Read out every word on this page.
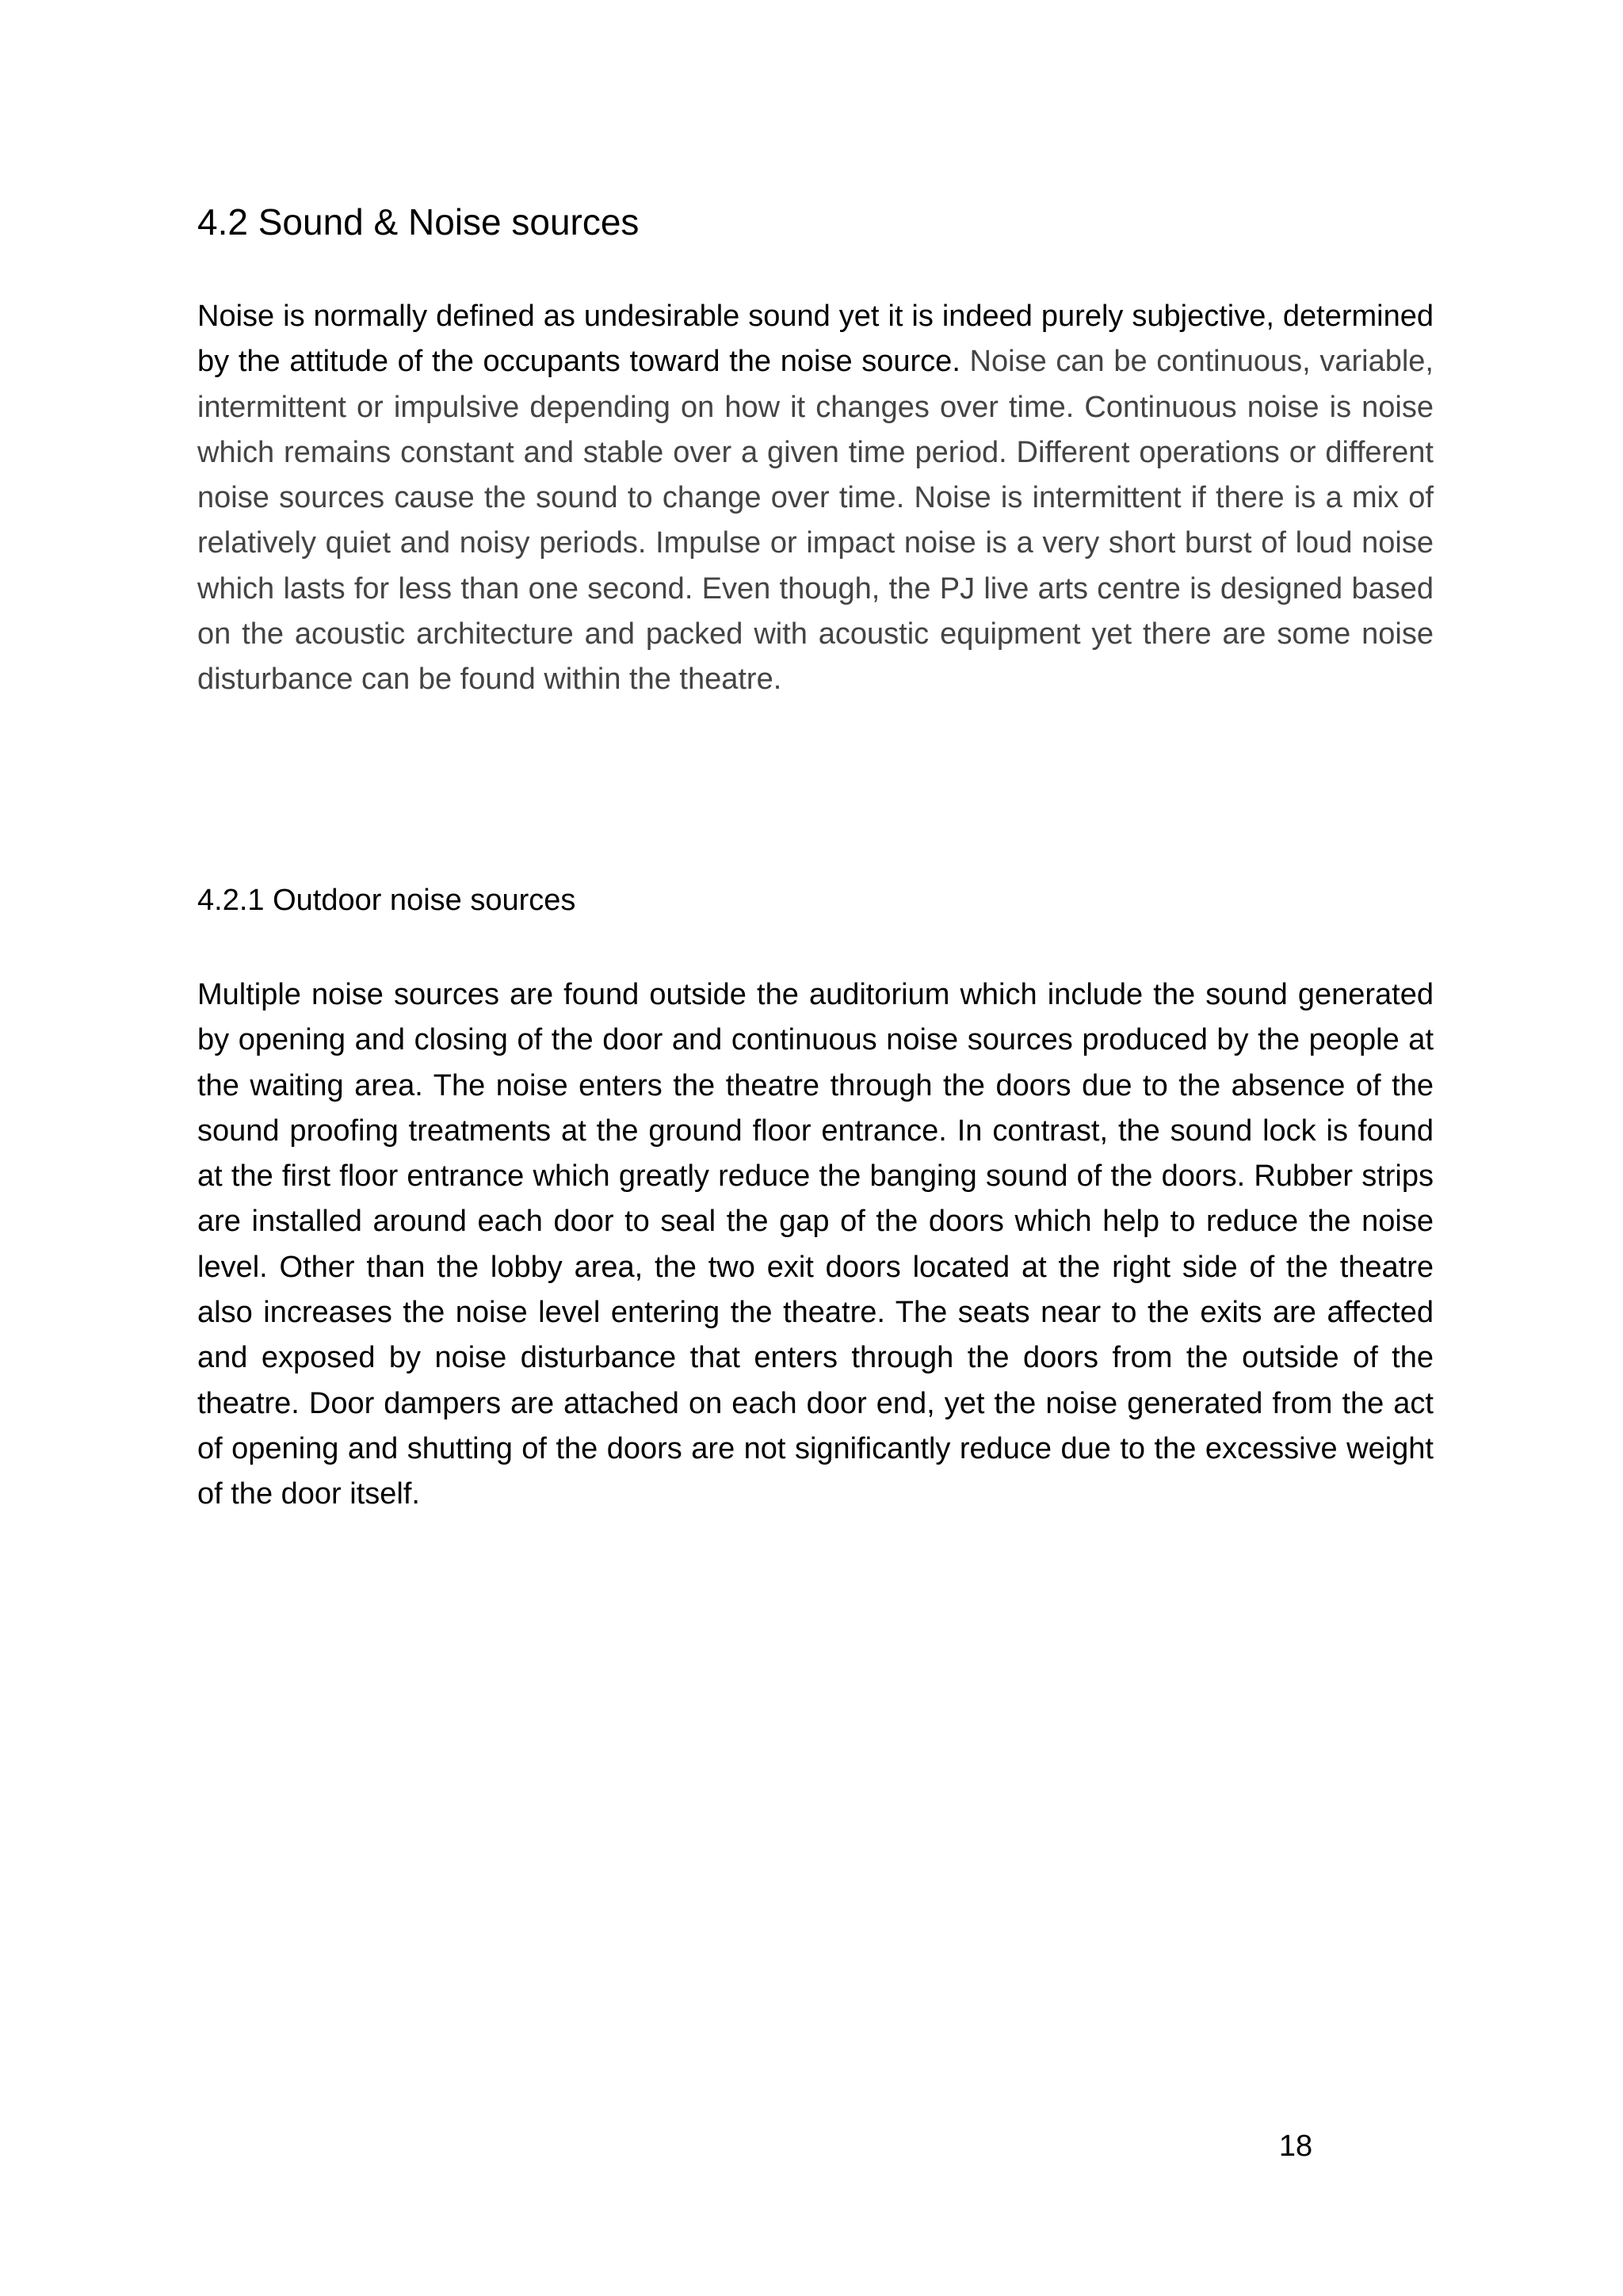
4.2 Sound & Noise sources

Noise is normally defined as undesirable sound yet it is indeed purely subjective, determined by the attitude of the occupants toward the noise source. Noise can be continuous, variable, intermittent or impulsive depending on how it changes over time. Continuous noise is noise which remains constant and stable over a given time period. Different operations or different noise sources cause the sound to change over time. Noise is intermittent if there is a mix of relatively quiet and noisy periods. Impulse or impact noise is a very short burst of loud noise which lasts for less than one second. Even though, the PJ live arts centre is designed based on the acoustic architecture and packed with acoustic equipment yet there are some noise disturbance can be found within the theatre.

4.2.1 Outdoor noise sources

Multiple noise sources are found outside the auditorium which include the sound generated by opening and closing of the door and continuous noise sources produced by the people at the waiting area. The noise enters the theatre through the doors due to the absence of the sound proofing treatments at the ground floor entrance. In contrast, the sound lock is found at the first floor entrance which greatly reduce the banging sound of the doors. Rubber strips are installed around each door to seal the gap of the doors which help to reduce the noise level. Other than the lobby area, the two exit doors located at the right side of the theatre also increases the noise level entering the theatre. The seats near to the exits are affected and exposed by noise disturbance that enters through the doors from the outside of the theatre. Door dampers are attached on each door end, yet the noise generated from the act of opening and shutting of the doors are not significantly reduce due to the excessive weight of the door itself.

18
